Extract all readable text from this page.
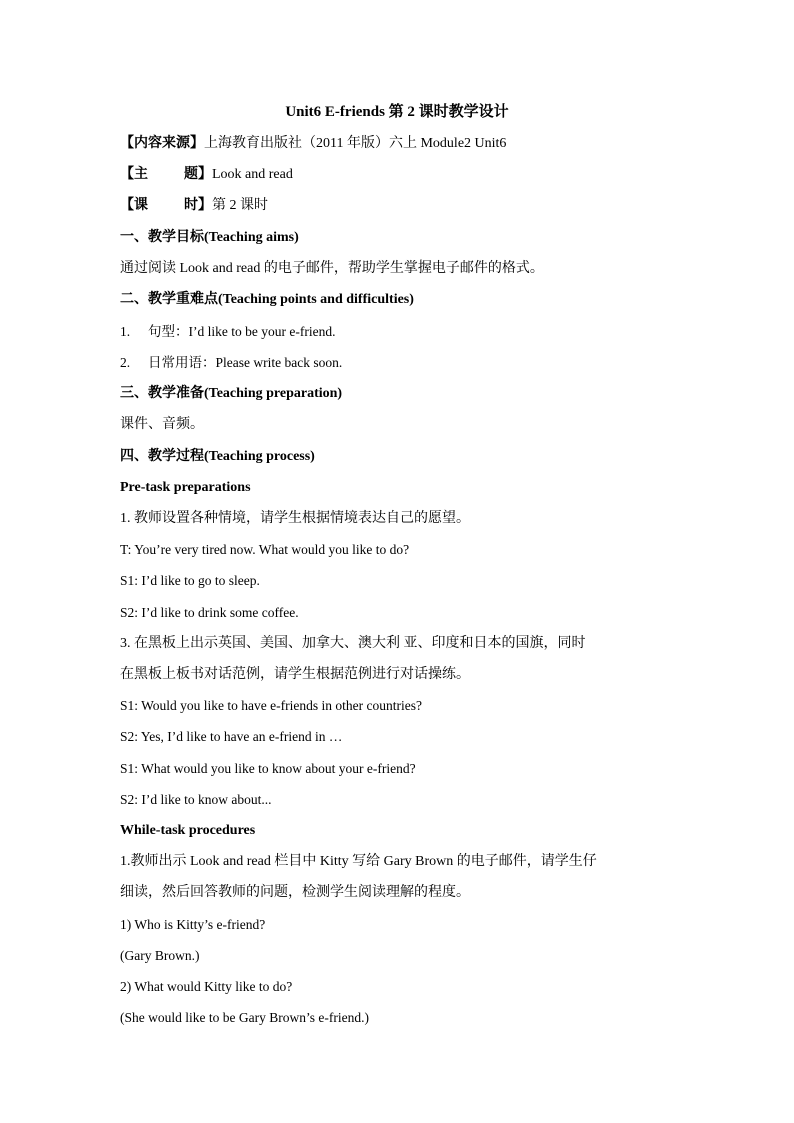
Unit6 E-friends 第 2 课时教学设计
【内容来源】上海教育出版社（2011 年版）六上 Module2 Unit6
【主	题】Look and read
【课	时】第 2 课时
一、教学目标(Teaching aims)
通过阅读 Look and read 的电子邮件，帮助学生掌握电子邮件的格式。
二、教学重难点(Teaching points and difficulties)
1. 句型：I’d like to be your e-friend.
2. 日常用语：Please write back soon.
三、教学准备(Teaching preparation)
课件、音频。
四、教学过程(Teaching process)
Pre-task preparations
1. 教师设置各种情境，请学生根据情境表达自己的愿望。
T: You’re very tired now. What would you like to do?
S1: I’d like to go to sleep.
S2: I’d like to drink some coffee.
3. 在黑板上出示英国、美国、加拿大、澳大利 亚、印度和日本的国旗，同时
在黑板上板书对话范例，请学生根据范例进行对话操练。
S1: Would you like to have e-friends in other countries?
S2: Yes, I’d like to have an e-friend in …
S1: What would you like to know about your e-friend?
S2: I’d like to know about...
While-task procedures
1.教师出示 Look and read 栏目中 Kitty 写给 Gary Brown 的电子邮件，请学生仔
细读，然后回答教师的问题，检测学生阅读理解的程度。
1) Who is Kitty’s e-friend?
(Gary Brown.)
2) What would Kitty like to do?
(She would like to be Gary Brown’s e-friend.)
